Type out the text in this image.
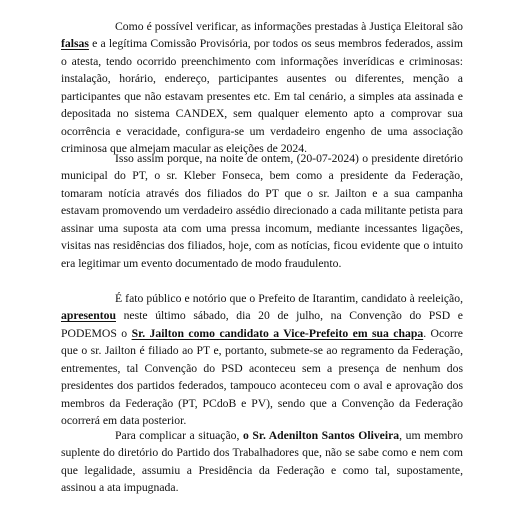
Como é possível verificar, as informações prestadas à Justiça Eleitoral são falsas e a legítima Comissão Provisória, por todos os seus membros federados, assim o atesta, tendo ocorrido preenchimento com informações inverídicas e criminosas: instalação, horário, endereço, participantes ausentes ou diferentes, menção a participantes que não estavam presentes etc. Em tal cenário, a simples ata assinada e depositada no sistema CANDEX, sem qualquer elemento apto a comprovar sua ocorrência e veracidade, configura-se um verdadeiro engenho de uma associação criminosa que almejam macular as eleições de 2024.

Isso assim porque, na noite de ontem, (20-07-2024) o presidente diretório municipal do PT, o sr. Kleber Fonseca, bem como a presidente da Federação, tomaram notícia através dos filiados do PT que o sr. Jailton e a sua campanha estavam promovendo um verdadeiro assédio direcionado a cada militante petista para assinar uma suposta ata com uma pressa incomum, mediante incessantes ligações, visitas nas residências dos filiados, hoje, com as notícias, ficou evidente que o intuito era legitimar um evento documentado de modo fraudulento.

É fato público e notório que o Prefeito de Itarantim, candidato à reeleição, apresentou neste último sábado, dia 20 de julho, na Convenção do PSD e PODEMOS o Sr. Jailton como candidato a Vice-Prefeito em sua chapa. Ocorre que o sr. Jailton é filiado ao PT e, portanto, submete-se ao regramento da Federação, entrementes, tal Convenção do PSD aconteceu sem a presença de nenhum dos presidentes dos partidos federados, tampouco aconteceu com o aval e aprovação dos membros da Federação (PT, PCdoB e PV), sendo que a Convenção da Federação ocorrerá em data posterior.

Para complicar a situação, o Sr. Adenilton Santos Oliveira, um membro suplente do diretório do Partido dos Trabalhadores que, não se sabe como e nem com que legalidade, assumiu a Presidência da Federação e como tal, supostamente, assinou a ata impugnada.
